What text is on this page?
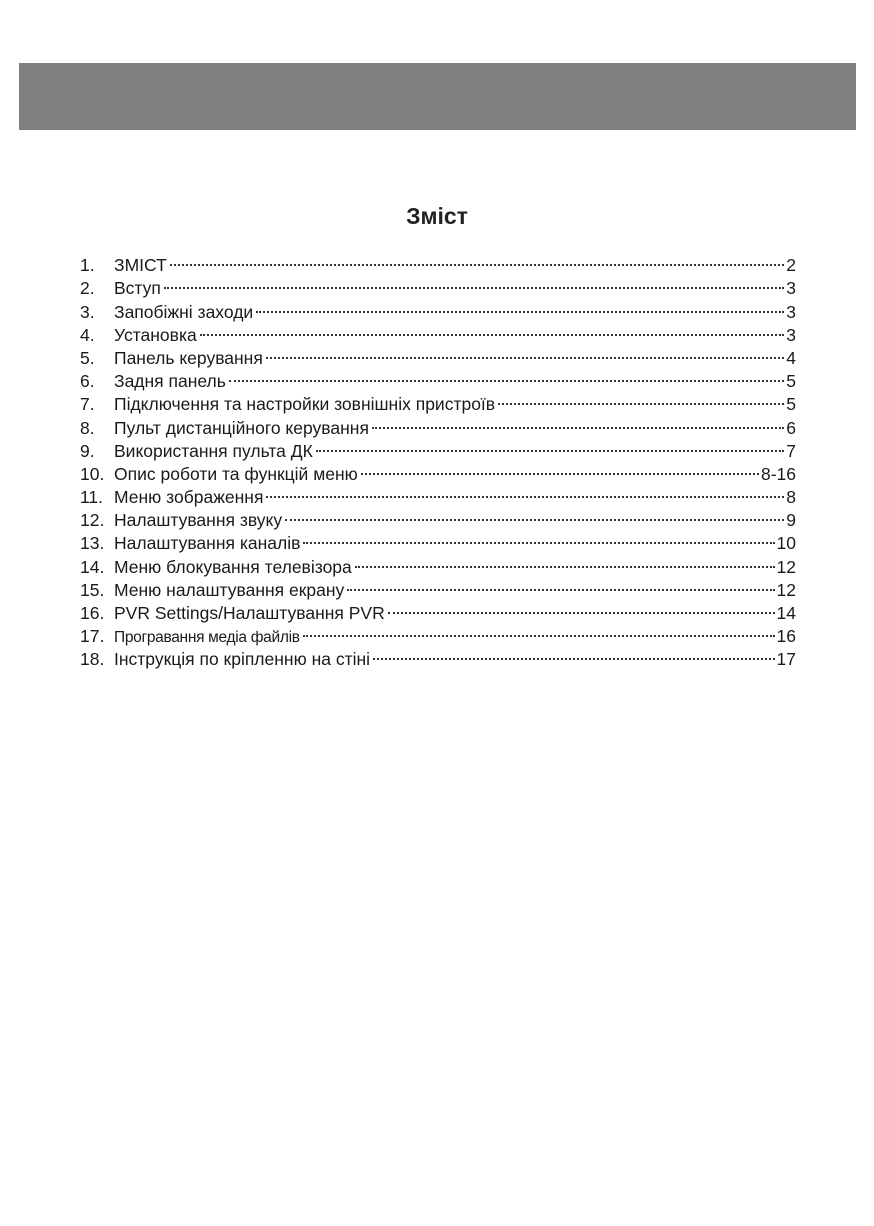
Зміст
1.	ЗМІСТ	2
2.	Вступ	3
3.	Запобіжні заходи	3
4.	Установка	3
5.	Панель керування	4
6.	Задня панель	5
7.	Підключення та настройки зовнішніх пристроїв	5
8.	Пульт дистанційного керування	6
9.	Використання пульта ДК	7
10. Опис роботи та функцій меню	8-16
11. Меню зображення	8
12. Налаштування звуку	9
13. Налаштування каналів	10
14. Меню блокування телевізора	12
15. Меню налаштування екрану	12
16. PVR Settings/Налаштування PVR	14
17. Програвання медіа файлів	16
18. Інструкція по кріпленню на стіні	17
